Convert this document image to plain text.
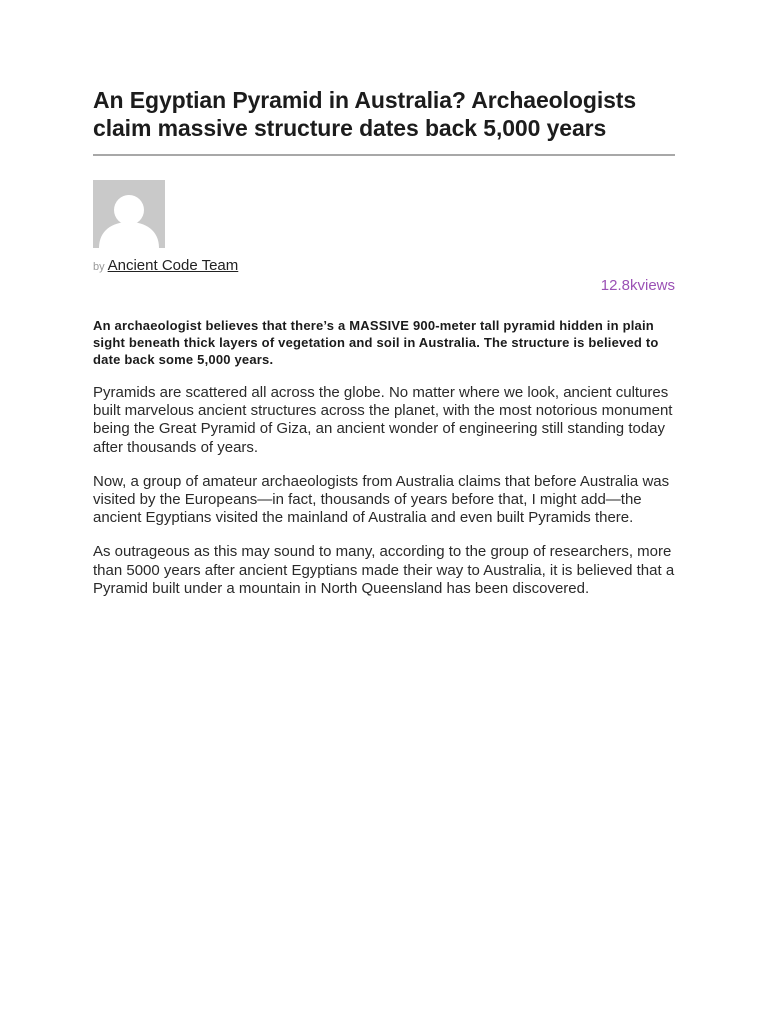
An Egyptian Pyramid in Australia? Archaeologists claim massive structure dates back 5,000 years
by Ancient Code Team
12.8kviews

An archaeologist believes that there’s a MASSIVE 900-meter tall pyramid hidden in plain sight beneath thick layers of vegetation and soil in Australia. The structure is believed to date back some 5,000 years.

Pyramids are scattered all across the globe. No matter where we look, ancient cultures built marvelous ancient structures across the planet, with the most notorious monument being the Great Pyramid of Giza, an ancient wonder of engineering still standing today after thousands of years.

Now, a group of amateur archaeologists from Australia claims that before Australia was visited by the Europeans—in fact, thousands of years before that, I might add—the ancient Egyptians visited the mainland of Australia and even built Pyramids there.

As outrageous as this may sound to many, according to the group of researchers, more than 5000 years after ancient Egyptians made their way to Australia, it is believed that a Pyramid built under a mountain in North Queensland has been discovered.
